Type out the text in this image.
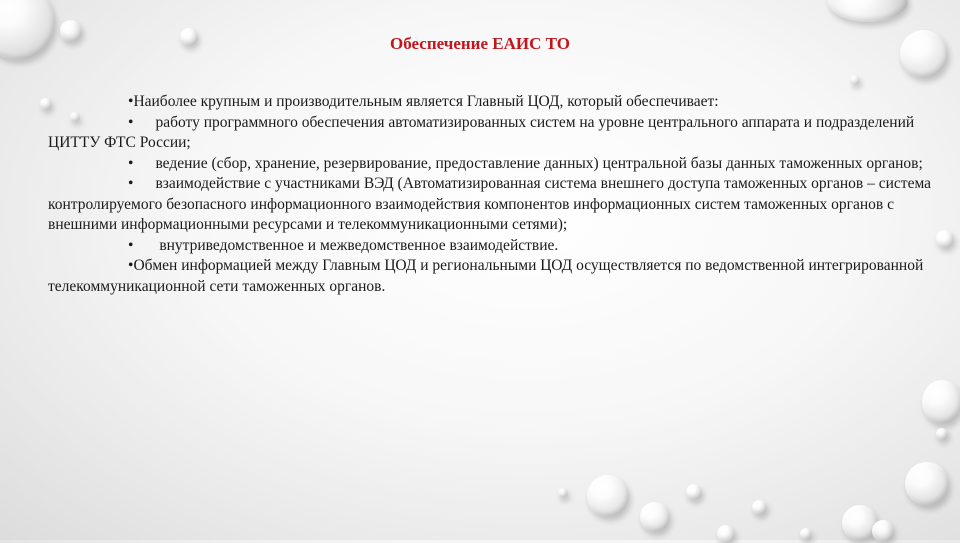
Обеспечение ЕАИС ТО

•Наиболее крупным и производительным является Главный ЦОД, который обеспечивает:

• работу программного обеспечения автоматизированных систем на уровне центрального аппарата и подразделений ЦИТТУ ФТС России;

• ведение (сбор, хранение, резервирование, предоставление данных) центральной базы данных таможенных органов;

• взаимодействие с участниками ВЭД (Автоматизированная система внешнего доступа таможенных органов – система контролируемого безопасного информационного взаимодействия компонентов информационных систем таможенных органов с внешними информационными ресурсами и телекоммуникационными сетями);

• внутриведомственное и межведомственное взаимодействие.

•Обмен информацией между Главным ЦОД и региональными ЦОД осуществляется по ведомственной интегрированной телекоммуникационной сети таможенных органов.
